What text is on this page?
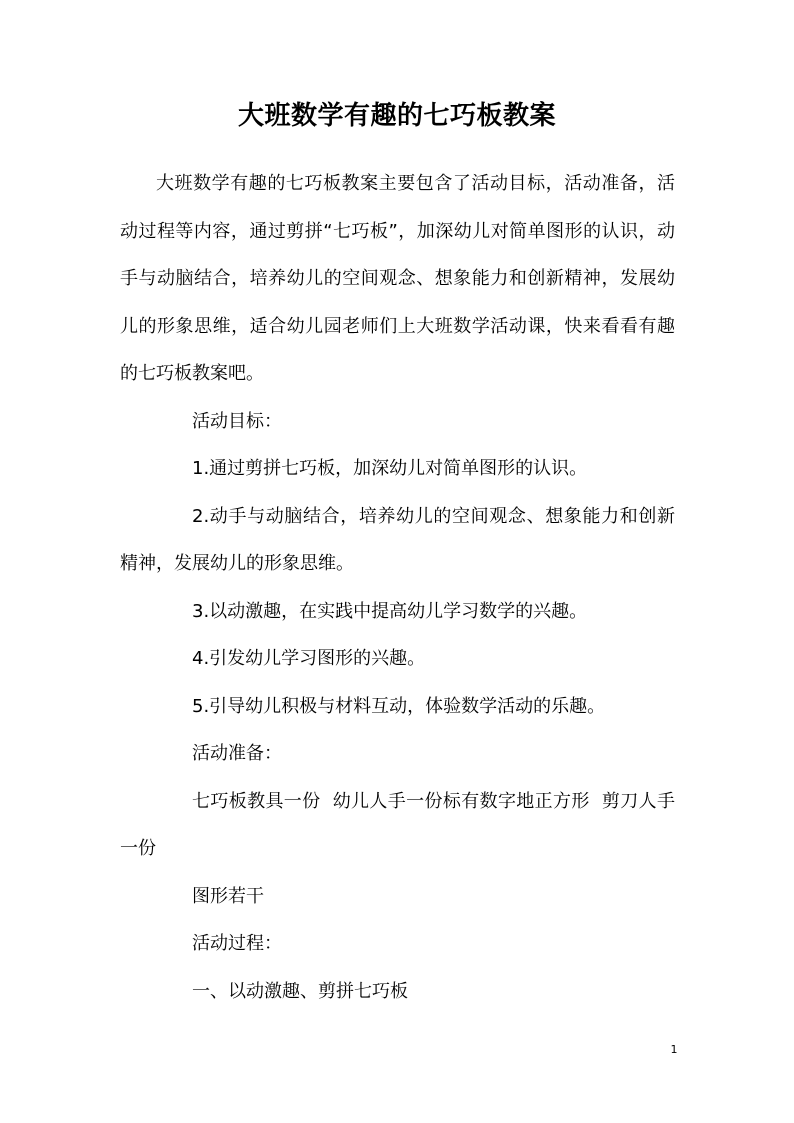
大班数学有趣的七巧板教案

大班数学有趣的七巧板教案主要包含了活动目标，活动准备，活动过程等内容，通过剪拼“七巧板”，加深幼儿对简单图形的认识，动手与动脑结合，培养幼儿的空间观念、想象能力和创新精神，发展幼儿的形象思维，适合幼儿园老师们上大班数学活动课，快来看看有趣的七巧板教案吧。

活动目标：

1.通过剪拼七巧板，加深幼儿对简单图形的认识。

2.动手与动脑结合，培养幼儿的空间观念、想象能力和创新精神，发展幼儿的形象思维。

3.以动激趣，在实践中提高幼儿学习数学的兴趣。

4.引发幼儿学习图形的兴趣。

5.引导幼儿积极与材料互动，体验数学活动的乐趣。

活动准备：

七巧板教具一份  幼儿人手一份标有数字地正方形  剪刀人手一份

图形若干

活动过程：

一、以动激趣、剪拼七巧板

1
